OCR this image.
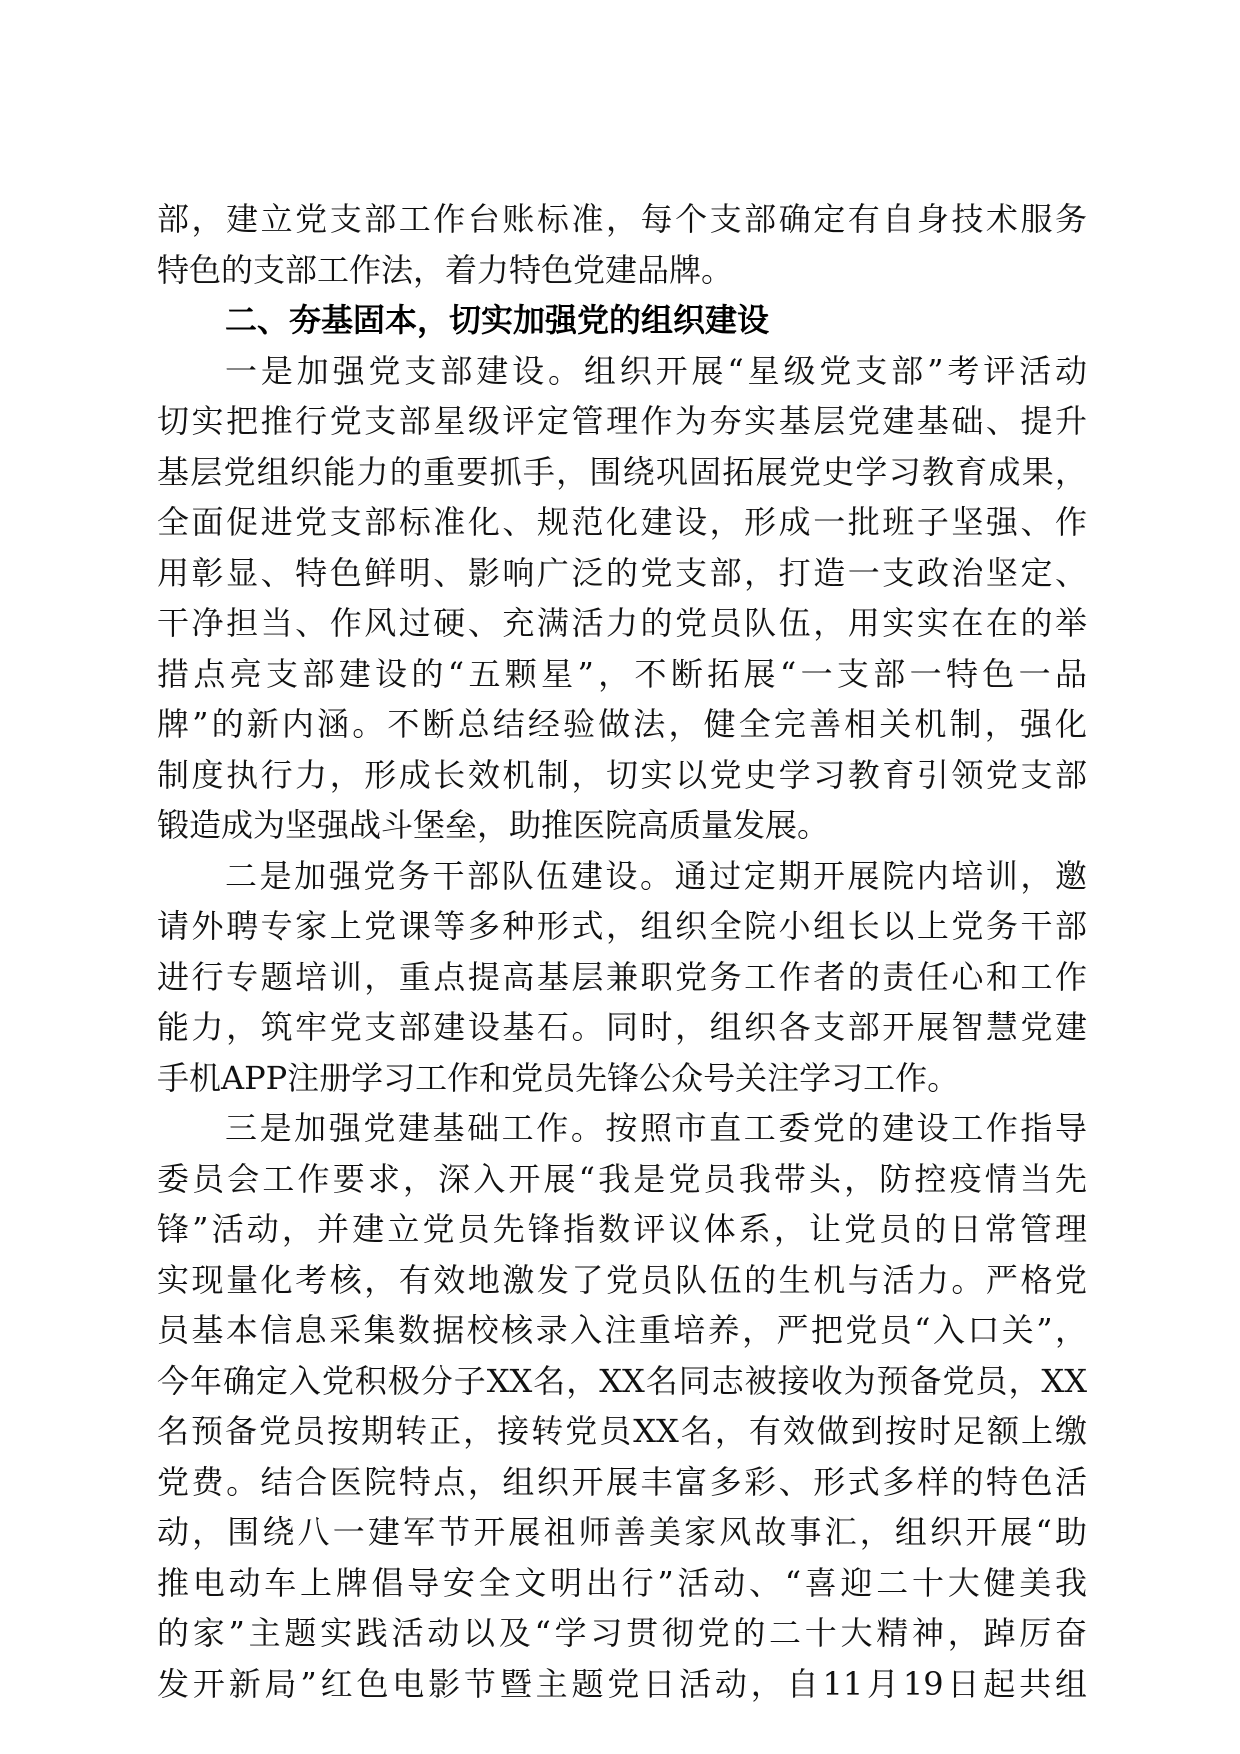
部，建立党支部工作台账标准，每个支部确定有自身技术服务
特色的支部工作法，着力特色党建品牌。
二、夯基固本，切实加强党的组织建设
一是加强党支部建设。组织开展“星级党支部”考评活动
切实把推行党支部星级评定管理作为夯实基层党建基础、提升
基层党组织能力的重要抓手，围绕巩固拓展党史学习教育成果，
全面促进党支部标准化、规范化建设，形成一批班子坚强、作
用彰显、特色鲜明、影响广泛的党支部，打造一支政治坚定、
干净担当、作风过硬、充满活力的党员队伍，用实实在在的举
措点亮支部建设的“五颗星”，不断拓展“一支部一特色一品
牌”的新内涵。不断总结经验做法，健全完善相关机制，强化
制度执行力，形成长效机制，切实以党史学习教育引领党支部
锻造成为坚强战斗堡垒，助推医院高质量发展。
二是加强党务干部队伍建设。通过定期开展院内培训，邀
请外聘专家上党课等多种形式，组织全院小组长以上党务干部
进行专题培训，重点提高基层兼职党务工作者的责任心和工作
能力，筑牢党支部建设基石。同时，组织各支部开展智慧党建
手机APP注册学习工作和党员先锋公众号关注学习工作。
三是加强党建基础工作。按照市直工委党的建设工作指导
委员会工作要求，深入开展“我是党员我带头，防控疫情当先
锋”活动，并建立党员先锋指数评议体系，让党员的日常管理
实现量化考核，有效地激发了党员队伍的生机与活力。严格党
员基本信息采集数据校核录入注重培养，严把党员“入口关”，
今年确定入党积极分子XX名，XX名同志被接收为预备党员，XX
名预备党员按期转正，接转党员XX名，有效做到按时足额上缴
党费。结合医院特点，组织开展丰富多彩、形式多样的特色活
动，围绕八一建军节开展祖师善美家风故事汇，组织开展“助
推电动车上牌倡导安全文明出行”活动、“喜迎二十大健美我
的家”主题实践活动以及“学习贯彻党的二十大精神，踔厉奋
发开新局”红色电影节暨主题党日活动，自11月19日起共组
